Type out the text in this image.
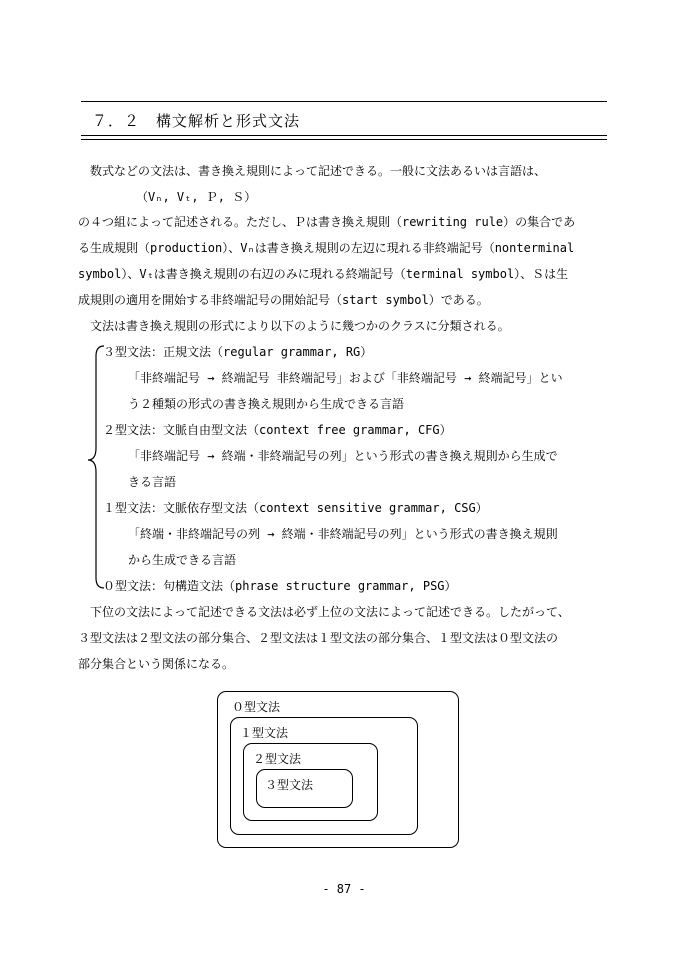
７．２　構文解析と形式文法
数式などの文法は、書き換え規則によって記述できる。一般に文法あるいは言語は、
（Vₙ, Vₜ, Ｐ, Ｓ）
の４つ組によって記述される。ただし、Ｐは書き換え規則（rewriting rule）の集合であ
る生成規則（production）、Vₙは書き換え規則の左辺に現れる非終端記号（nonterminal
symbol）、Vₜは書き換え規則の右辺のみに現れる終端記号（terminal symbol）、Ｓは生
成規則の適用を開始する非終端記号の開始記号（start symbol）である。
文法は書き換え規則の形式により以下のように幾つかのクラスに分類される。
３型文法：正規文法（regular grammar, RG）
「非終端記号 → 終端記号 非終端記号」および「非終端記号 → 終端記号」とい
う２種類の形式の書き換え規則から生成できる言語
２型文法：文脈自由型文法（context free grammar, CFG）
「非終端記号 → 終端・非終端記号の列」という形式の書き換え規則から生成で
きる言語
１型文法：文脈依存型文法（context sensitive grammar, CSG）
「終端・非終端記号の列 → 終端・非終端記号の列」という形式の書き換え規則
から生成できる言語
０型文法：句構造文法（phrase structure grammar, PSG）
下位の文法によって記述できる文法は必ず上位の文法によって記述できる。したがって、
３型文法は２型文法の部分集合、２型文法は１型文法の部分集合、１型文法は０型文法の
部分集合という関係になる。
０型文法
１型文法
２型文法
３型文法
- 87 -
